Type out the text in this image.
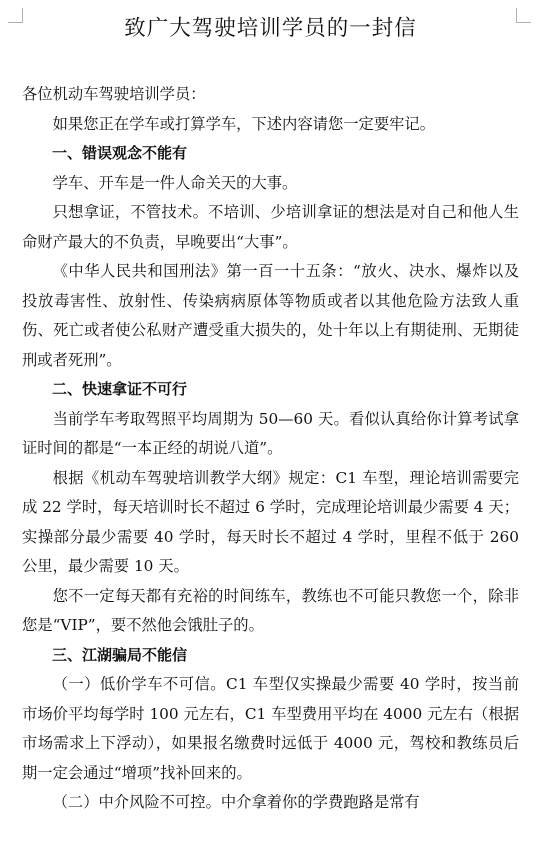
致广大驾驶培训学员的一封信

各位机动车驾驶培训学员：

如果您正在学车或打算学车，下述内容请您一定要牢记。

一、错误观念不能有

学车、开车是一件人命关天的大事。

只想拿证，不管技术。不培训、少培训拿证的想法是对自己和他人生命财产最大的不负责，早晚要出“大事”。

《中华人民共和国刑法》第一百一十五条：“放火、决水、爆炸以及投放毒害性、放射性、传染病病原体等物质或者以其他危险方法致人重伤、死亡或者使公私财产遭受重大损失的，处十年以上有期徒刑、无期徒刑或者死刑”。

二、快速拿证不可行

当前学车考取驾照平均周期为 50—60 天。看似认真给你计算考试拿证时间的都是“一本正经的胡说八道”。

根据《机动车驾驶培训教学大纲》规定：C1 车型，理论培训需要完成 22 学时，每天培训时长不超过 6 学时，完成理论培训最少需要 4 天；实操部分最少需要 40 学时，每天时长不超过 4 学时，里程不低于 260 公里，最少需要 10 天。

您不一定每天都有充裕的时间练车，教练也不可能只教您一个，除非您是“VIP”，要不然他会饿肚子的。

三、江湖骗局不能信

（一）低价学车不可信。C1 车型仅实操最少需要 40 学时，按当前市场价平均每学时 100 元左右，C1 车型费用平均在 4000 元左右（根据市场需求上下浮动），如果报名缴费时远低于 4000 元，驾校和教练员后期一定会通过“增项”找补回来的。

（二）中介风险不可控。中介拿着你的学费跑路是常有
